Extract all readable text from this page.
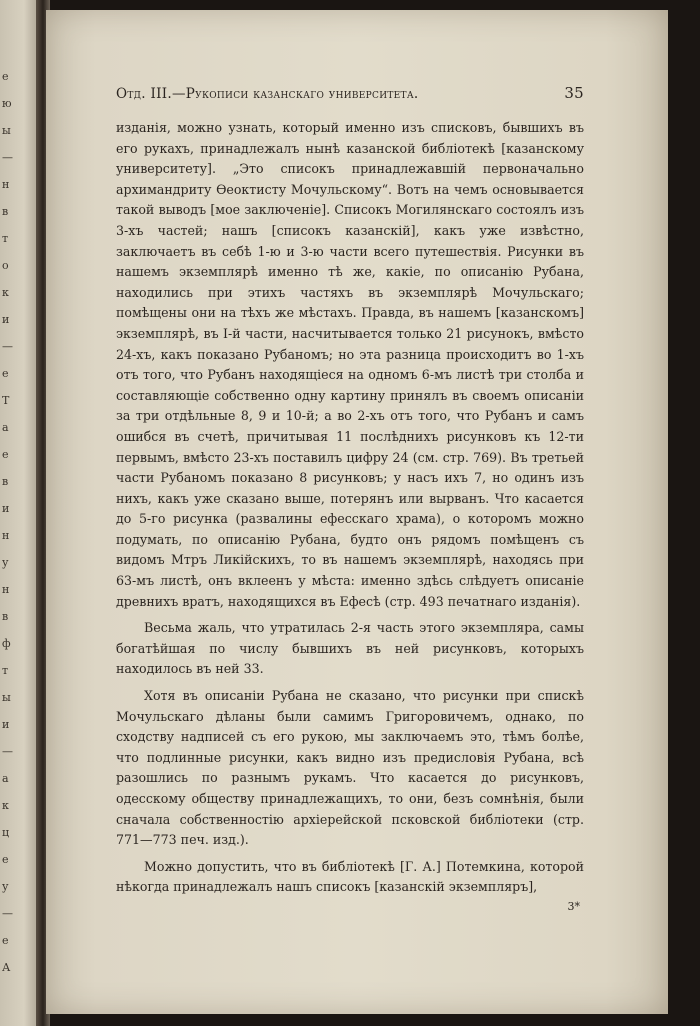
е
ю
ы
—
н
в
т
о
к
и
—
е
Т
а
е
в
и
н
у
н
в
ф
т
ы
и
—
а
к
ц
е
у
—
е
А
Отд. III.—Рукописи казанскаго университета.	35

изданія, можно узнать, который именно изъ списковъ, бывшихъ въ его рукахъ, принадлежалъ нынѣ казанской библіотекѣ [казанскому университету]. „Это списокъ принадлежавшій первоначально архимандриту Ѳеоктисту Мочульскому“. Вотъ на чемъ основывается такой выводъ [мое заключеніе]. Списокъ Могилянскаго состоялъ изъ 3-хъ частей; нашъ [списокъ казанскій], какъ уже извѣстно, заключаетъ въ себѣ 1-ю и 3-ю части всего путешествія. Рисунки въ нашемъ экземплярѣ именно тѣ же, какіе, по описанію Рубана, находились при этихъ частяхъ въ экземплярѣ Мочульскаго; помѣщены они на тѣхъ же мѣстахъ. Правда, въ нашемъ [казанскомъ] экземплярѣ, въ I-й части, насчитывается только 21 рисунокъ, вмѣсто 24-хъ, какъ показано Рубаномъ; но эта разница происходитъ во 1-хъ отъ того, что Рубанъ находящіеся на одномъ 6-мъ листѣ три столба и составляющіе собственно одну картину принялъ въ своемъ описаніи за три отдѣльные 8, 9 и 10-й; а во 2-хъ отъ того, что Рубанъ и самъ ошибся въ счетѣ, причитывая 11 послѣднихъ рисунковъ къ 12-ти первымъ, вмѣсто 23-хъ поставилъ цифру 24 (см. стр. 769). Въ третьей части Рубаномъ показано 8 рисунковъ; у насъ ихъ 7, но одинъ изъ нихъ, какъ уже сказано выше, потерянъ или вырванъ. Что касается до 5-го рисунка (развалины ефесскаго храма), о которомъ можно подумать, по описанію Рубана, будто онъ рядомъ помѣщенъ съ видомъ Мтръ Ликійскихъ, то въ нашемъ экземплярѣ, находясь при 63-мъ листѣ, онъ вклеенъ у мѣста: именно здѣсь слѣдуетъ описаніе древнихъ вратъ, находящихся въ Ефесѣ (стр. 493 печатнаго изданія).

Весьма жаль, что утратилась 2-я часть этого экземпляра, самы богатѣйшая по числу бывшихъ въ ней рисунковъ, которыхъ находилось въ ней 33.

Хотя въ описаніи Рубана не сказано, что рисунки при спискѣ Мочульскаго дѣланы были самимъ Григоровичемъ, однако, по сходству надписей съ его рукою, мы заключаемъ это, тѣмъ болѣе, что подлинные рисунки, какъ видно изъ предисловія Рубана, всѣ разошлись по разнымъ рукамъ. Что касается до рисунковъ, одесскому обществу принадлежащихъ, то они, безъ сомнѣнія, были сначала собственностію архіерейской псковской библіотеки (стр. 771—773 печ. изд.).

Можно допустить, что въ библіотекѣ [Г. А.] Потемкина, которой нѣкогда принадлежалъ нашъ списокъ [казанскій экземпляръ],

3*
